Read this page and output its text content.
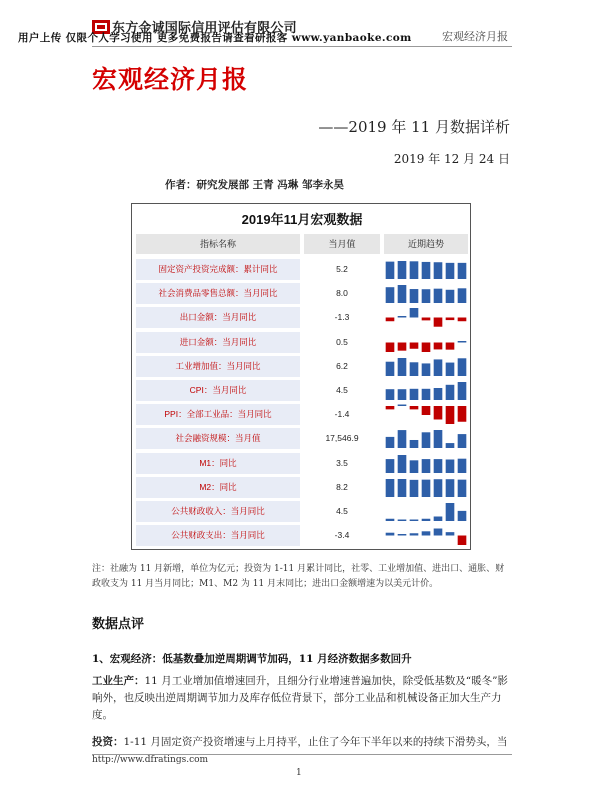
东方金诚国际信用评估有限公司
用户上传 仅限个人学习使用 更多免费报告请查看研报客 www.yanbaoke.com	宏观经济月报
宏观经济月报
——2019 年 11 月数据详析
2019 年 12 月 24 日
作者：研究发展部 王青 冯琳 邹李永昊
2019年11月宏观数据
指标名称	当月值	近期趋势
固定资产投资完成额：累计同比	5.2
社会消费品零售总额：当月同比	8.0
出口金额：当月同比	-1.3
进口金额：当月同比	0.5
工业增加值：当月同比	6.2
CPI：当月同比	4.5
PPI：全部工业品：当月同比	-1.4
社会融资规模：当月值	17,546.9
M1：同比	3.5
M2：同比	8.2
公共财政收入：当月同比	4.5
公共财政支出：当月同比	-3.4
注：社融为 11 月新增，单位为亿元；投资为 1-11 月累计同比，社零、工业增加值、进出口、通胀、财政收支为 11 月当月同比；M1、M2 为 11 月末同比；进出口金额增速为以美元计价。
数据点评
1、宏观经济：低基数叠加逆周期调节加码，11 月经济数据多数回升
工业生产：11 月工业增加值增速回升，且细分行业增速普遍加快，除受低基数及“暖冬”影响外，也反映出逆周期调节加力及库存低位背景下，部分工业品和机械设备正加大生产力度。
投资：1-11 月固定资产投资增速与上月持平，止住了今年下半年以来的持续下滑势头，当
http://www.dfratings.com
1
